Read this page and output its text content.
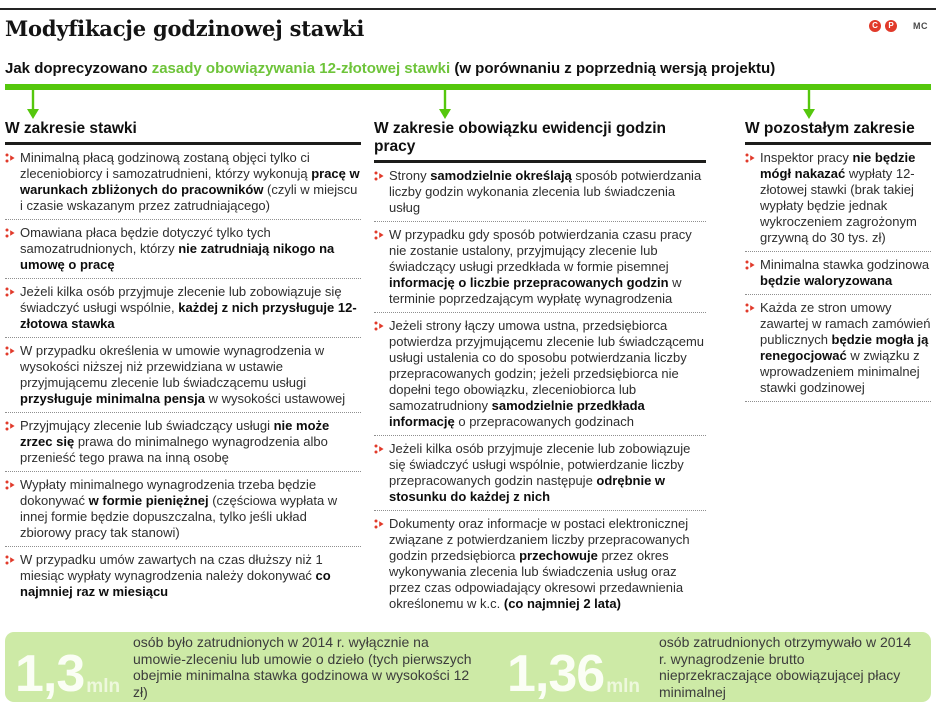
Modyfikacje godzinowej stawki	C	P	MC

Jak doprecyzowano zasady obowiązywania 12-złotowej stawki (w porównaniu z poprzednią wersją projektu)

W zakresie stawki

Minimalną płacą godzinową zostaną objęci tylko ci zleceniobiorcy i samozatrudnieni, którzy wykonują pracę w warunkach zbliżonych do pracowników (czyli w miejscu i czasie wskazanym przez zatrudniającego)

Omawiana płaca będzie dotyczyć tylko tych samozatrudnionych, którzy nie zatrudniają nikogo na umowę o pracę

Jeżeli kilka osób przyjmuje zlecenie lub zobowiązuje się świadczyć usługi wspólnie, każdej z nich przysługuje 12-złotowa stawka

W przypadku określenia w umowie wynagrodzenia w wysokości niższej niż przewidziana w ustawie przyjmującemu zlecenie lub świadczącemu usługi przysługuje minimalna pensja w wysokości ustawowej

Przyjmujący zlecenie lub świadczący usługi nie może zrzec się prawa do minimalnego wynagrodzenia albo przenieść tego prawa na inną osobę

Wypłaty minimalnego wynagrodzenia trzeba będzie dokonywać w formie pieniężnej (częściowa wypłata w innej formie będzie dopuszczalna, tylko jeśli układ zbiorowy pracy tak stanowi)

W przypadku umów zawartych na czas dłuższy niż 1 miesiąc wypłaty wynagrodzenia należy dokonywać co najmniej raz w miesiącu

W zakresie obowiązku ewidencji godzin pracy

Strony samodzielnie określają sposób potwierdzania liczby godzin wykonania zlecenia lub świadczenia usług

W przypadku gdy sposób potwierdzania czasu pracy nie zostanie ustalony, przyjmujący zlecenie lub świadczący usługi przedkłada w formie pisemnej informację o liczbie przepracowanych godzin w terminie poprzedzającym wypłatę wynagrodzenia

Jeżeli strony łączy umowa ustna, przedsiębiorca potwierdza przyjmującemu zlecenie lub świadczącemu usługi ustalenia co do sposobu potwierdzania liczby przepracowanych godzin; jeżeli przedsiębiorca nie dopełni tego obowiązku, zleceniobiorca lub samozatrudniony samodzielnie przedkłada informację o przepracowanych godzinach

Jeżeli kilka osób przyjmuje zlecenie lub zobowiązuje się świadczyć usługi wspólnie, potwierdzanie liczby przepracowanych godzin następuje odrębnie w stosunku do każdej z nich

Dokumenty oraz informacje w postaci elektronicznej związane z potwierdzaniem liczby przepracowanych godzin przedsiębiorca przechowuje przez okres wykonywania zlecenia lub świadczenia usług oraz przez czas odpowiadający okresowi przedawnienia określonemu w k.c. (co najmniej 2 lata)

W pozostałym zakresie

Inspektor pracy nie będzie mógł nakazać wypłaty 12-złotowej stawki (brak takiej wypłaty będzie jednak wykroczeniem zagrożonym grzywną do 30 tys. zł)

Minimalna stawka godzinowa będzie waloryzowana

Każda ze stron umowy zawartej w ramach zamówień publicznych będzie mogła ją renegocjować w związku z wprowadzeniem minimalnej stawki godzinowej

1,3 mln

osób było zatrudnionych w 2014 r. wyłącznie na umowie-zleceniu lub umowie o dzieło (tych pierwszych obejmie minimalna stawka godzinowa w wysokości 12 zł)	1,36 mln

osób zatrudnionych otrzymywało w 2014 r. wynagrodzenie brutto nieprzekraczające obowiązującej płacy minimalnej
